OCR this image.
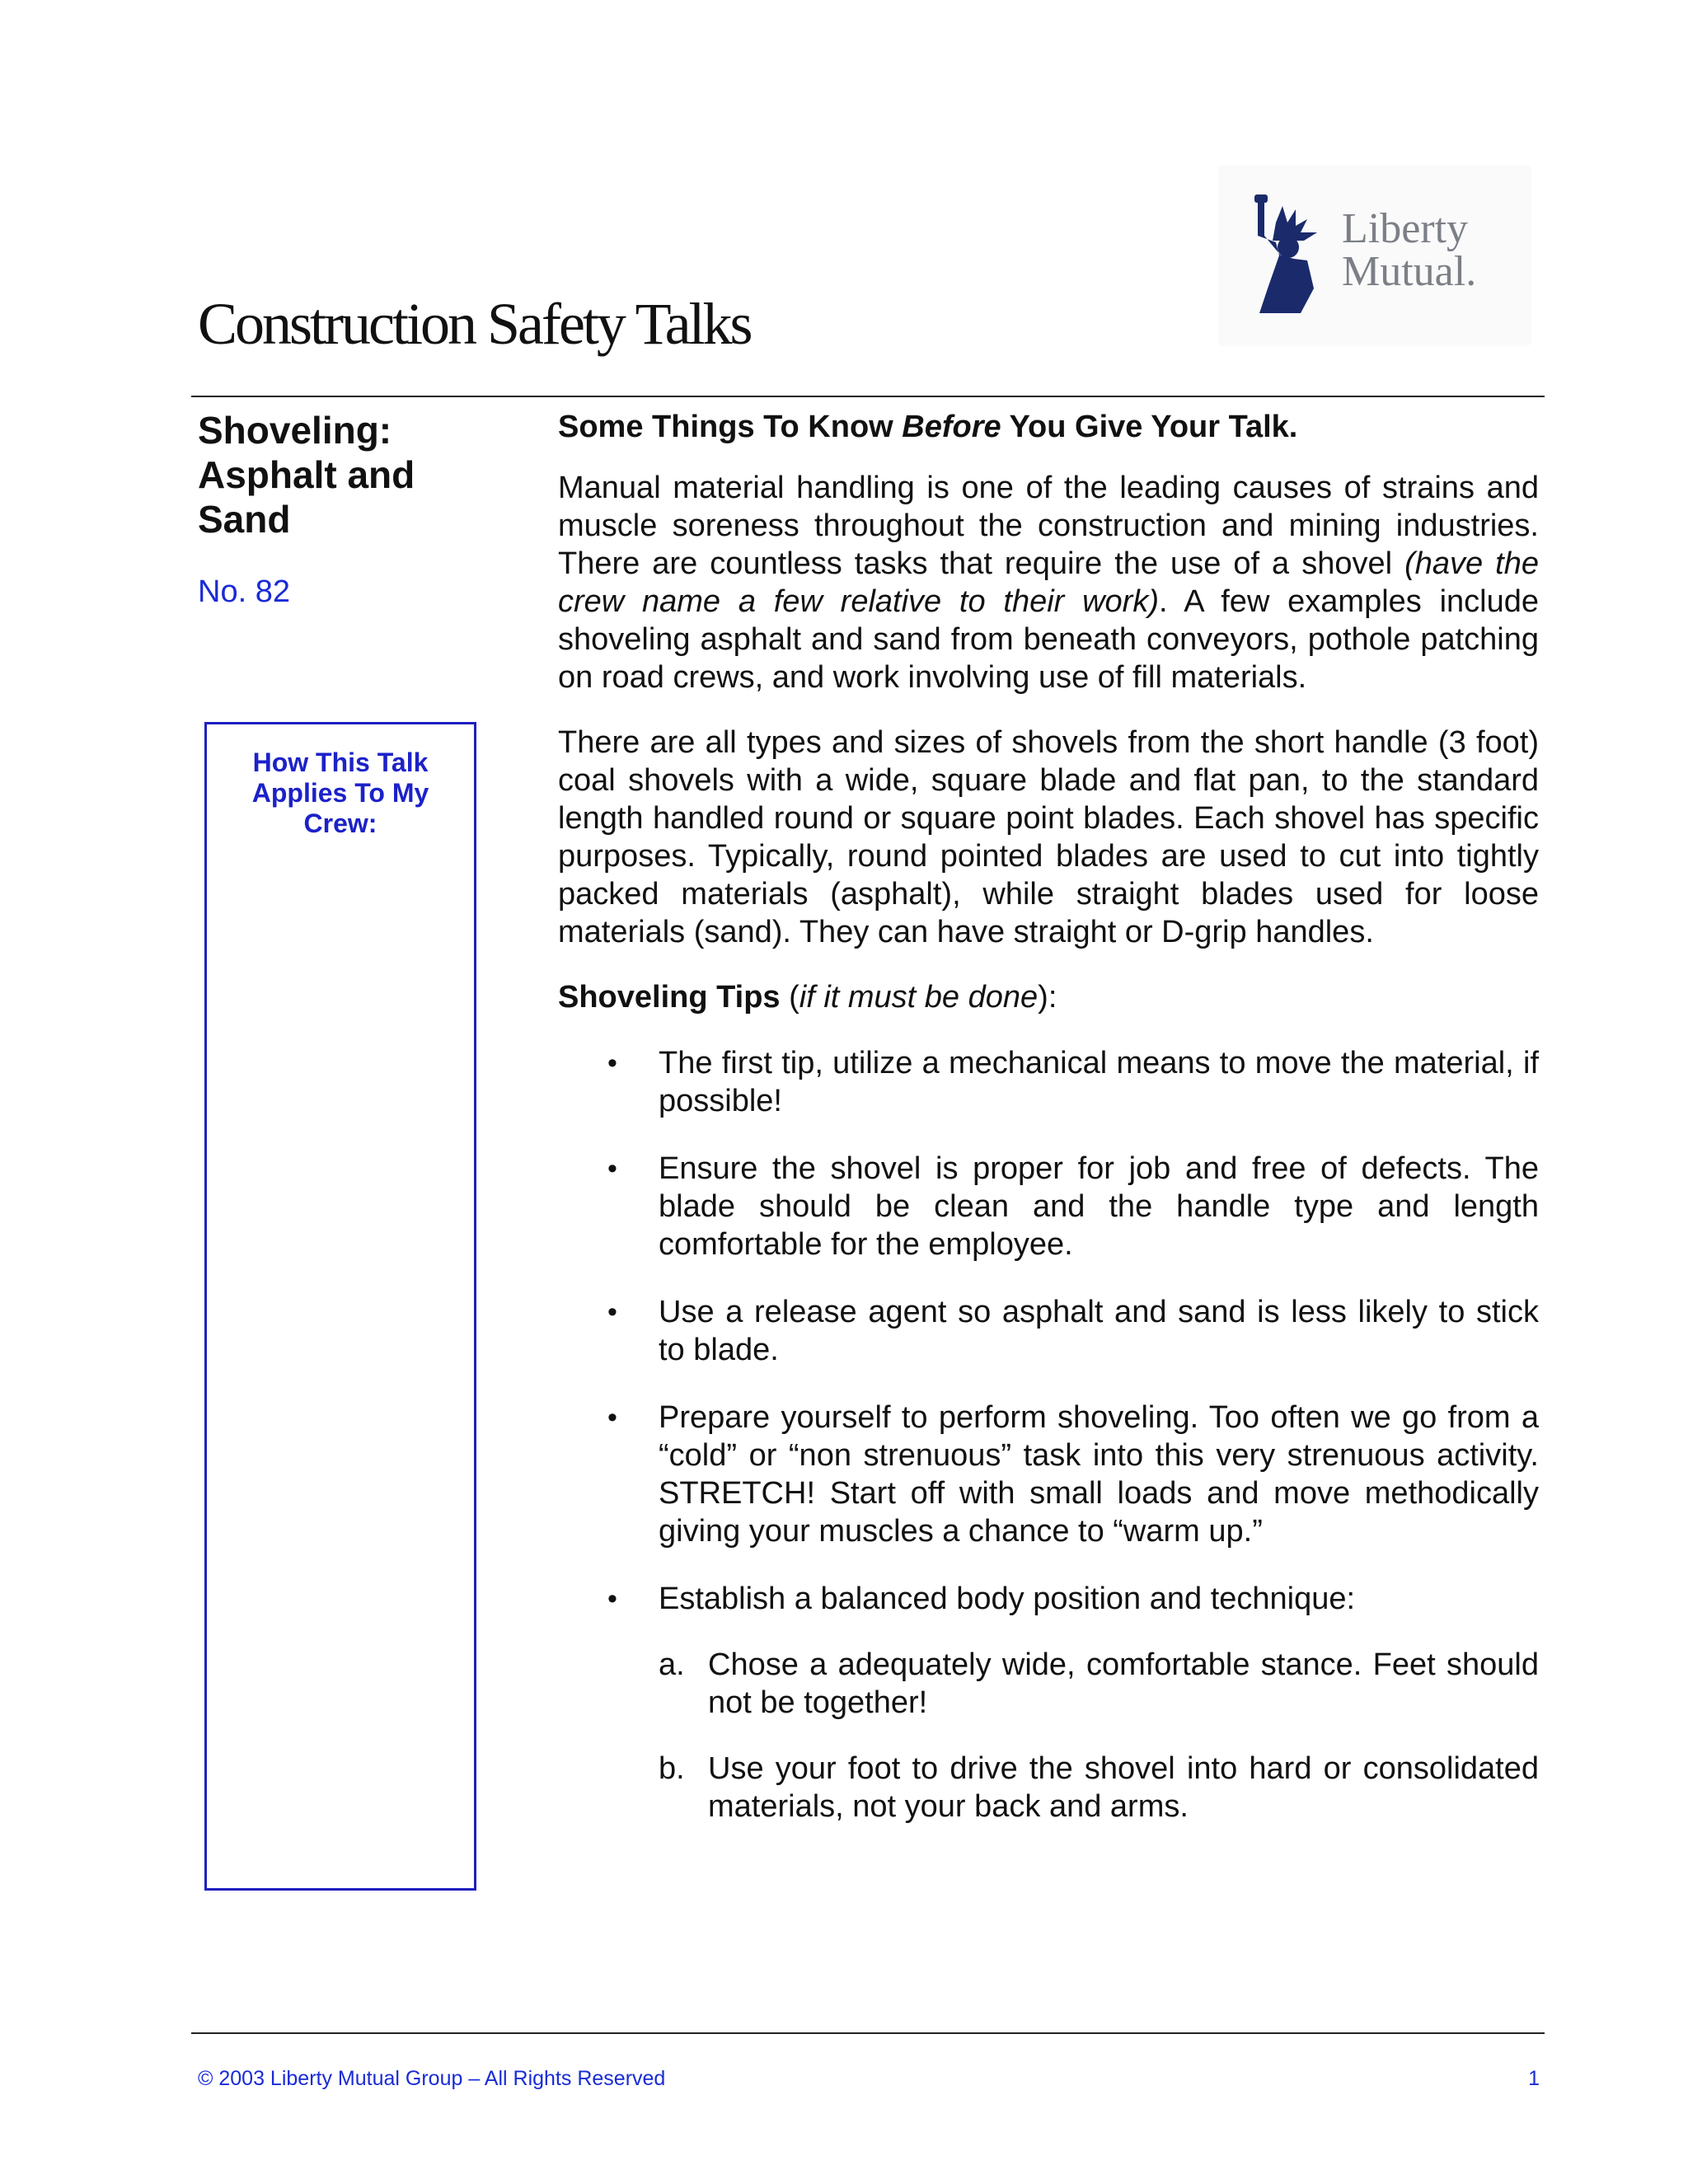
Construction Safety Talks
Liberty
Mutual.
Shoveling:
Asphalt and
Sand
No. 82
How This Talk
Applies To My
Crew:

Some Things To Know Before You Give Your Talk.

Manual material handling is one of the leading causes of strains and muscle soreness throughout the construction and mining industries. There are countless tasks that require the use of a shovel (have the crew name a few relative to their work). A few examples include shoveling asphalt and sand from beneath conveyors, pothole patching on road crews, and work involving use of fill materials.

There are all types and sizes of shovels from the short handle (3 foot) coal shovels with a wide, square blade and flat pan, to the standard length handled round or square point blades. Each shovel has specific purposes. Typically, round pointed blades are used to cut into tightly packed materials (asphalt), while straight blades used for loose materials (sand). They can have straight or D-grip handles.

Shoveling Tips (if it must be done):

• The first tip, utilize a mechanical means to move the material, if possible!
• Ensure the shovel is proper for job and free of defects. The blade should be clean and the handle type and length comfortable for the employee.
• Use a release agent so asphalt and sand is less likely to stick to blade.
• Prepare yourself to perform shoveling. Too often we go from a “cold” or “non strenuous” task into this very strenuous activity. STRETCH! Start off with small loads and move methodically giving your muscles a chance to “warm up.”
• Establish a balanced body position and technique:
a. Chose a adequately wide, comfortable stance. Feet should not be together!
b. Use your foot to drive the shovel into hard or consolidated materials, not your back and arms.
© 2003 Liberty Mutual Group – All Rights Reserved	1
